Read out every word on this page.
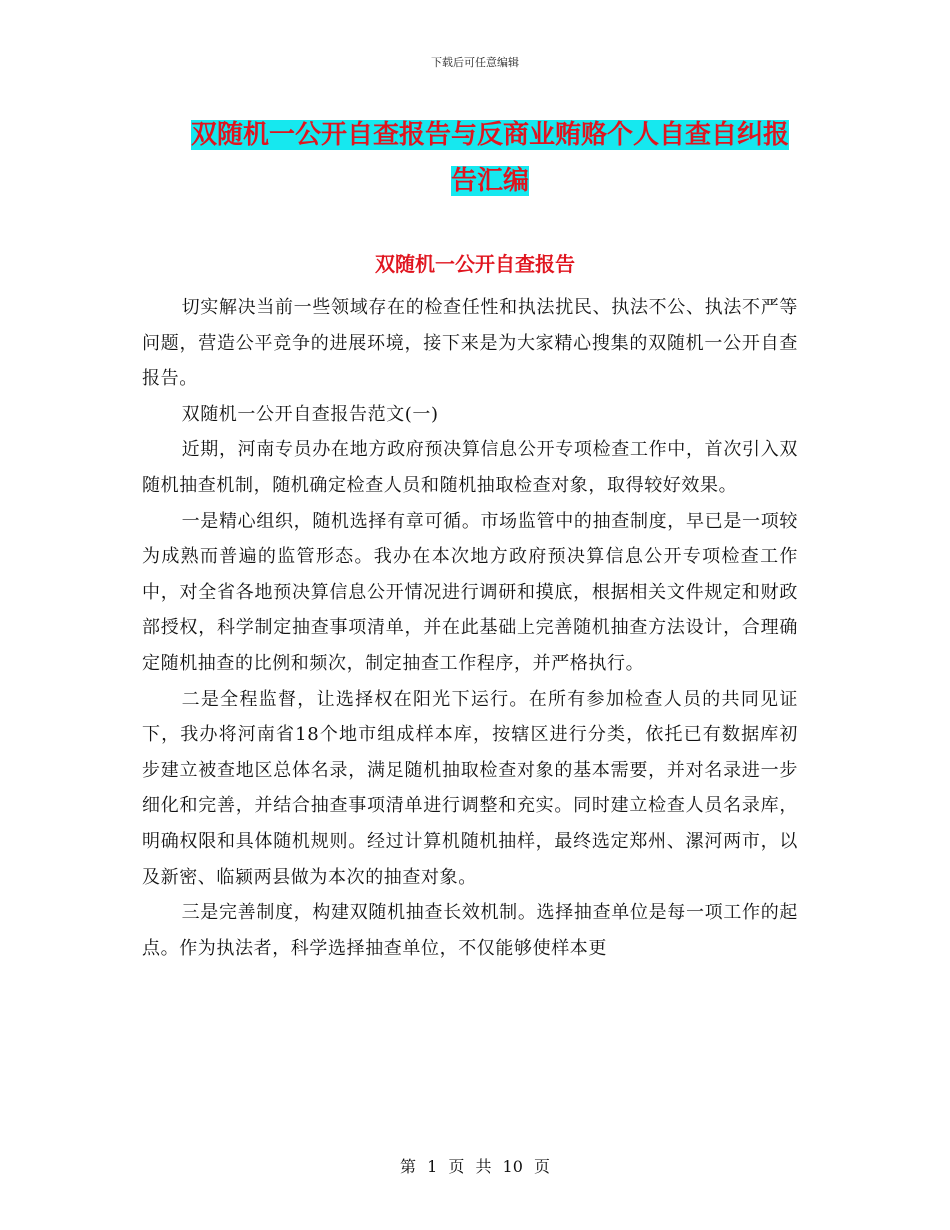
下载后可任意编辑
双随机一公开自查报告与反商业贿赂个人自查自纠报
告汇编
双随机一公开自查报告

切实解决当前一些领域存在的检查任性和执法扰民、执法不公、执法不严等问题，营造公平竞争的进展环境，接下来是为大家精心搜集的双随机一公开自查报告。

双随机一公开自查报告范文(一)

近期，河南专员办在地方政府预决算信息公开专项检查工作中，首次引入双随机抽查机制，随机确定检查人员和随机抽取检查对象，取得较好效果。

一是精心组织，随机选择有章可循。市场监管中的抽查制度，早已是一项较为成熟而普遍的监管形态。我办在本次地方政府预决算信息公开专项检查工作中，对全省各地预决算信息公开情况进行调研和摸底，根据相关文件规定和财政部授权，科学制定抽查事项清单，并在此基础上完善随机抽查方法设计，合理确定随机抽查的比例和频次，制定抽查工作程序，并严格执行。

二是全程监督，让选择权在阳光下运行。在所有参加检查人员的共同见证下，我办将河南省18个地市组成样本库，按辖区进行分类，依托已有数据库初步建立被查地区总体名录，满足随机抽取检查对象的基本需要，并对名录进一步细化和完善，并结合抽查事项清单进行调整和充实。同时建立检查人员名录库，明确权限和具体随机规则。经过计算机随机抽样，最终选定郑州、漯河两市，以及新密、临颍两县做为本次的抽查对象。

三是完善制度，构建双随机抽查长效机制。选择抽查单位是每一项工作的起点。作为执法者，科学选择抽查单位，不仅能够使样本更

第 1 页 共 10 页
